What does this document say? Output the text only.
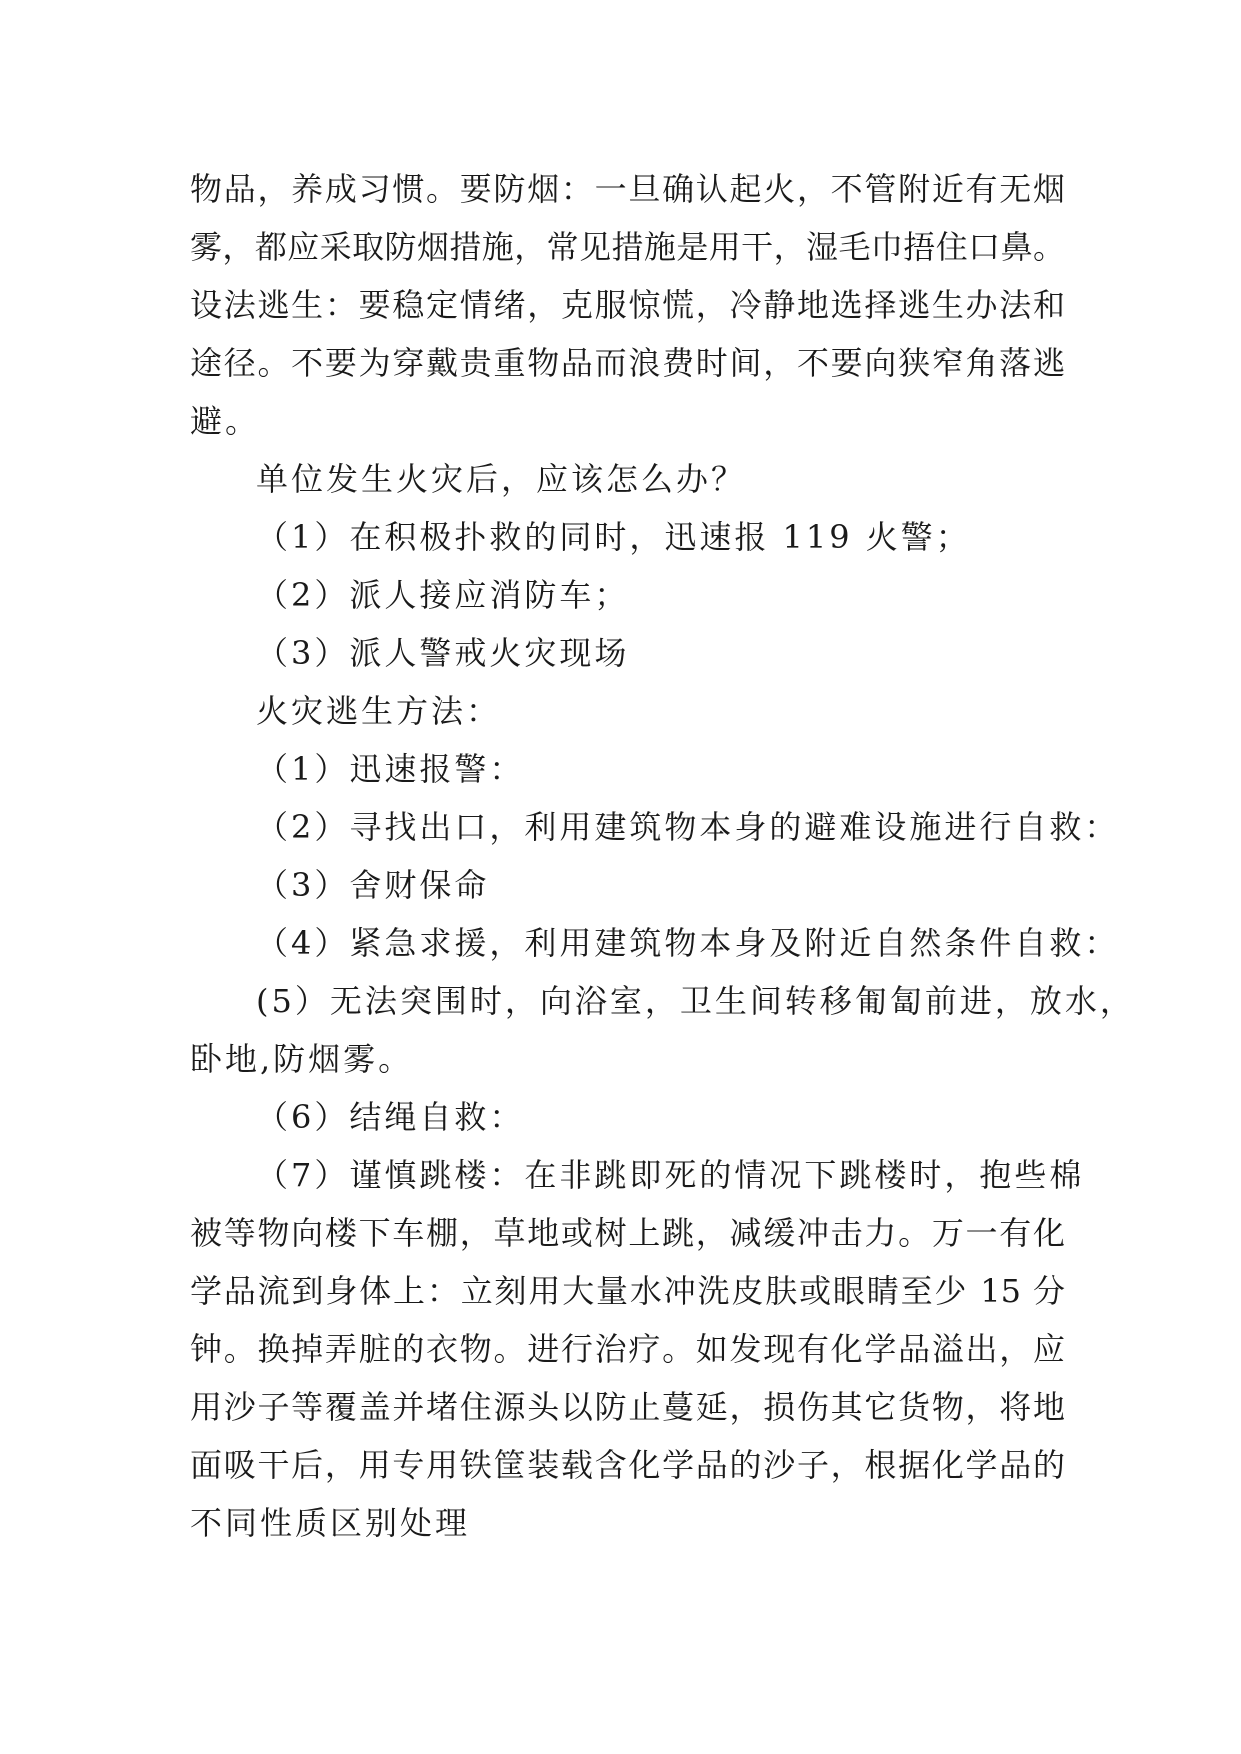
物品，养成习惯。要防烟：一旦确认起火，不管附近有无烟
雾，都应采取防烟措施，常见措施是用干，湿毛巾捂住口鼻。
设法逃生：要稳定情绪，克服惊慌，冷静地选择逃生办法和
途径。不要为穿戴贵重物品而浪费时间，不要向狭窄角落逃
避。
单位发生火灾后，应该怎么办？
（1）在积极扑救的同时，迅速报 119 火警；
（2）派人接应消防车；
（3）派人警戒火灾现场
火灾逃生方法：
（1）迅速报警：
（2）寻找出口，利用建筑物本身的避难设施进行自救：
（3）舍财保命
（4）紧急求援，利用建筑物本身及附近自然条件自救：
(5）无法突围时，向浴室，卫生间转移匍匐前进，放水，
卧地,防烟雾。
（6）结绳自救：
（7）谨慎跳楼：在非跳即死的情况下跳楼时，抱些棉
被等物向楼下车棚，草地或树上跳，减缓冲击力。万一有化
学品流到身体上：立刻用大量水冲洗皮肤或眼睛至少 15 分
钟。换掉弄脏的衣物。进行治疗。如发现有化学品溢出，应
用沙子等覆盖并堵住源头以防止蔓延，损伤其它货物，将地
面吸干后，用专用铁筐装载含化学品的沙子，根据化学品的
不同性质区别处理
